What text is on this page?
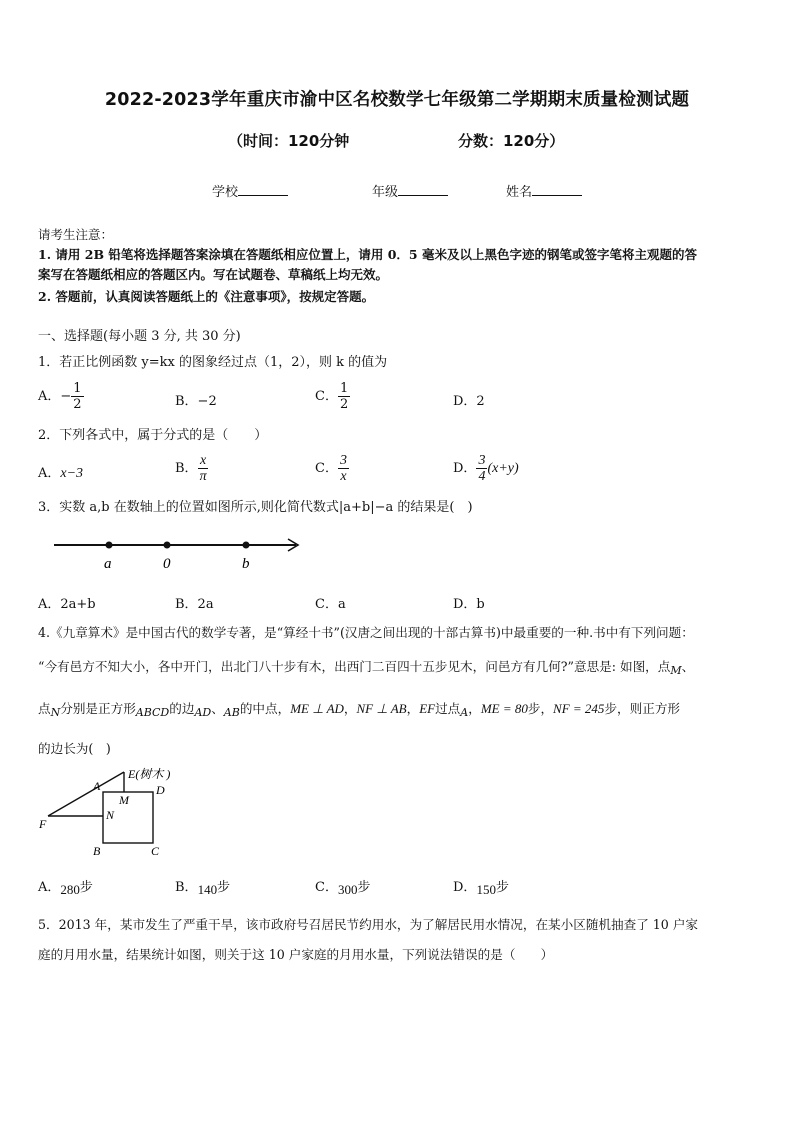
2022-2023学年重庆市渝中区名校数学七年级第二学期期末质量检测试题
（时间：120分钟	分数：120分）
学校	年级	姓名
请考生注意：
1. 请用 2B 铅笔将选择题答案涂填在答题纸相应位置上，请用 0．5 毫米及以上黑色字迹的钢笔或签字笔将主观题的答
案写在答题纸相应的答题区内。写在试题卷、草稿纸上均无效。
2. 答题前，认真阅读答题纸上的《注意事项》，按规定答题。
一、选择题(每小题 3 分, 共 30 分)
1．若正比例函数 y=kx 的图象经过点（1，2），则 k 的值为
A．− $\frac{1}{2}$	B．−2	C． $\frac{1}{2}$	D．2
2．下列各式中，属于分式的是（　　）
A．x−3	B． $\frac{x}{\pi}$	C． $\frac{3}{x}$	D． $\frac{3}{4} (x+y)$
3．实数 a,b 在数轴上的位置如图所示,则化简代数式|a+b|−a 的结果是(　)
a	0	b
A．2a+b	B．2a	C．a	D．b
4.《九章算术》是中国古代的数学专著，是“算经十书”(汉唐之间出现的十部古算书)中最重要的一种.书中有下列问题：
“今有邑方不知大小，各中开门，出北门八十步有木，出西门二百四十五步见木，问邑方有几何?”意思是: 如图，点M、
点N分别是正方形ABCD的边AD、AB的中点，ME ⊥ AD，NF ⊥ AB，EF过点A，ME = 80步，NF = 245步，则正方形
的边长为(　)
E(树木 )
A
M
D
F
N
B	C
A．280步	B．140步	C．300步	D．150步
5．2013 年，某市发生了严重干旱，该市政府号召居民节约用水，为了解居民用水情况，在某小区随机抽查了 10 户家
庭的月用水量，结果统计如图，则关于这 10 户家庭的月用水量，下列说法错误的是（　　）
